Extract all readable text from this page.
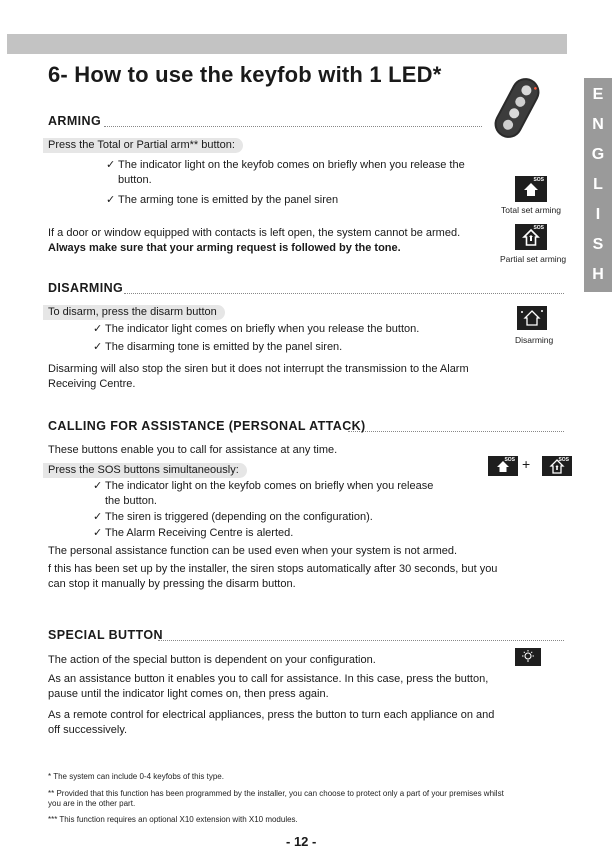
E
N
G
L
I
S
H
6- How to use the keyfob with 1 LED*
ARMING
Press the Total or Partial arm** button:
✓ The indicator light on the keyfob comes on briefly when you release the
button.
✓ The arming tone is emitted by the panel siren
SOS
Total set arming
If a door or window equipped with contacts is left open, the system cannot be armed.
Always make sure that your arming request is followed by the tone.
SOS
Partial set arming
DISARMING
To disarm, press the disarm button
✓ The indicator light comes on briefly when you release the button.
✓ The disarming tone is emitted by the panel siren.
Disarming
Disarming will also stop the siren but it does not interrupt the transmission to the Alarm
Receiving Centre.
CALLING FOR ASSISTANCE (PERSONAL ATTACK)
These buttons enable you to call for assistance at any time.
Press the SOS buttons simultaneously:
SOS +	SOS
✓ The indicator light on the keyfob comes on briefly when you release
the button.
✓ The siren is triggered (depending on the configuration).
✓ The Alarm Receiving Centre is alerted.
The personal assistance function can be used even when your system is not armed.
f this has been set up by the installer, the siren stops automatically after 30 seconds, but you
can stop it manually by pressing the disarm button.
SPECIAL BUTTON
The action of the special button is dependent on your configuration.
As an assistance button it enables you to call for assistance. In this case, press the button,
pause until the indicator light comes on, then press again.
As a remote control for electrical appliances, press the button to turn each appliance on and
off successively.
* The system can include 0-4 keyfobs of this type.
** Provided that this function has been programmed by the installer, you can choose to protect only a part of your premises whilst
you are in the other part.
*** This function requires an optional X10 extension with X10 modules.
- 12 -
